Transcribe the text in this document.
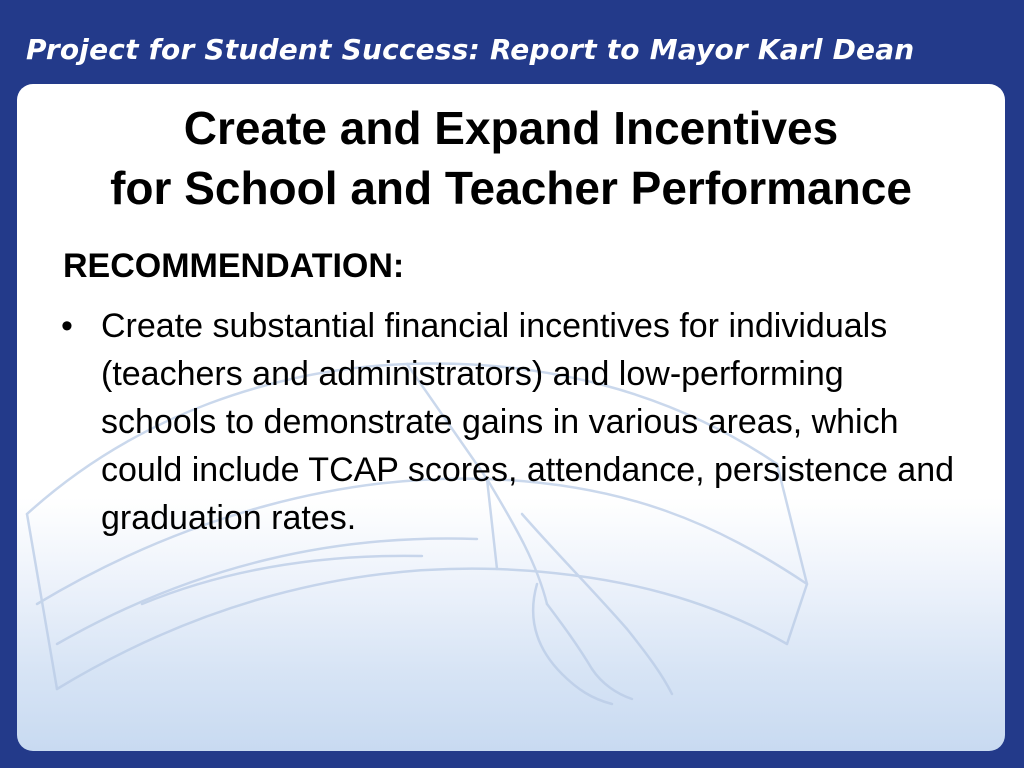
Project for Student Success: Report to Mayor Karl Dean
Create and Expand Incentives
for School and Teacher Performance
RECOMMENDATION:
• Create substantial financial incentives for individuals (teachers and administrators) and low-performing schools to demonstrate gains in various areas, which could include TCAP scores, attendance, persistence and graduation rates.
